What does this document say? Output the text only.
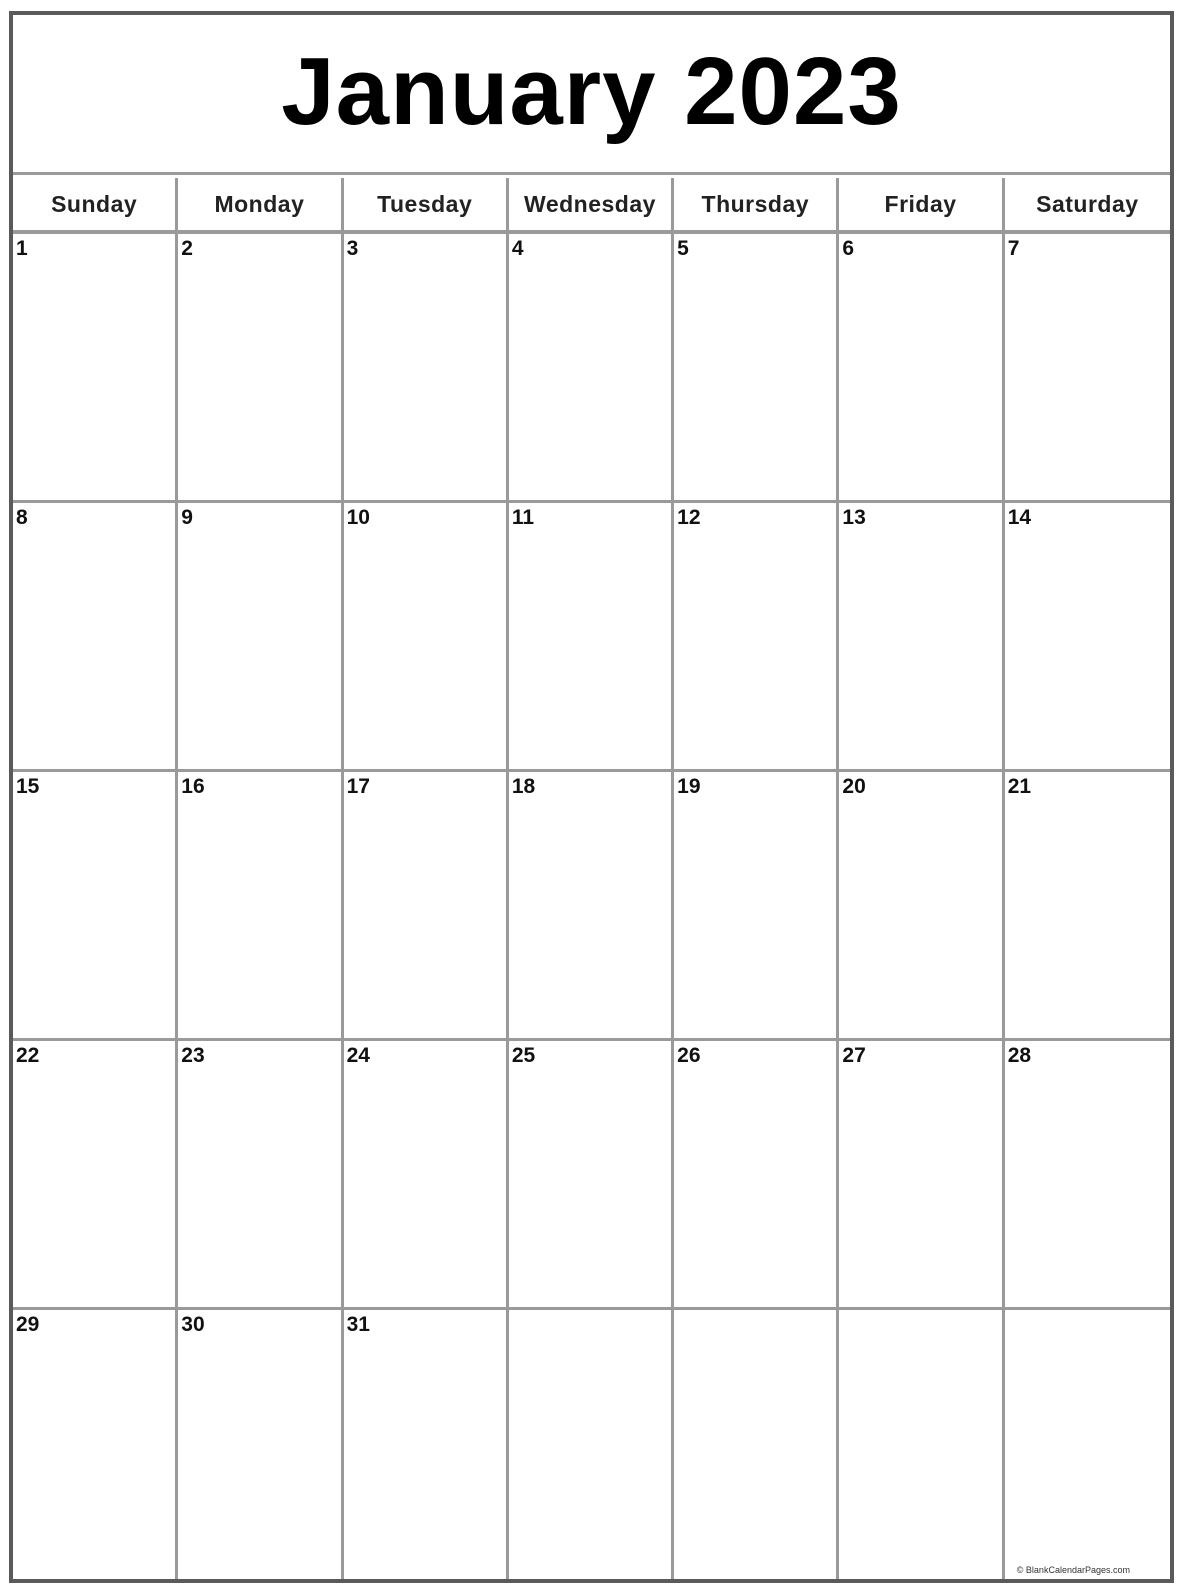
January 2023
Sunday	Monday	Tuesday	Wednesday	Thursday	Friday	Saturday
1	2	3	4	5	6	7
8	9	10	11	12	13	14
15	16	17	18	19	20	21
22	23	24	25	26	27	28
29	30	31
© BlankCalendarPages.com
